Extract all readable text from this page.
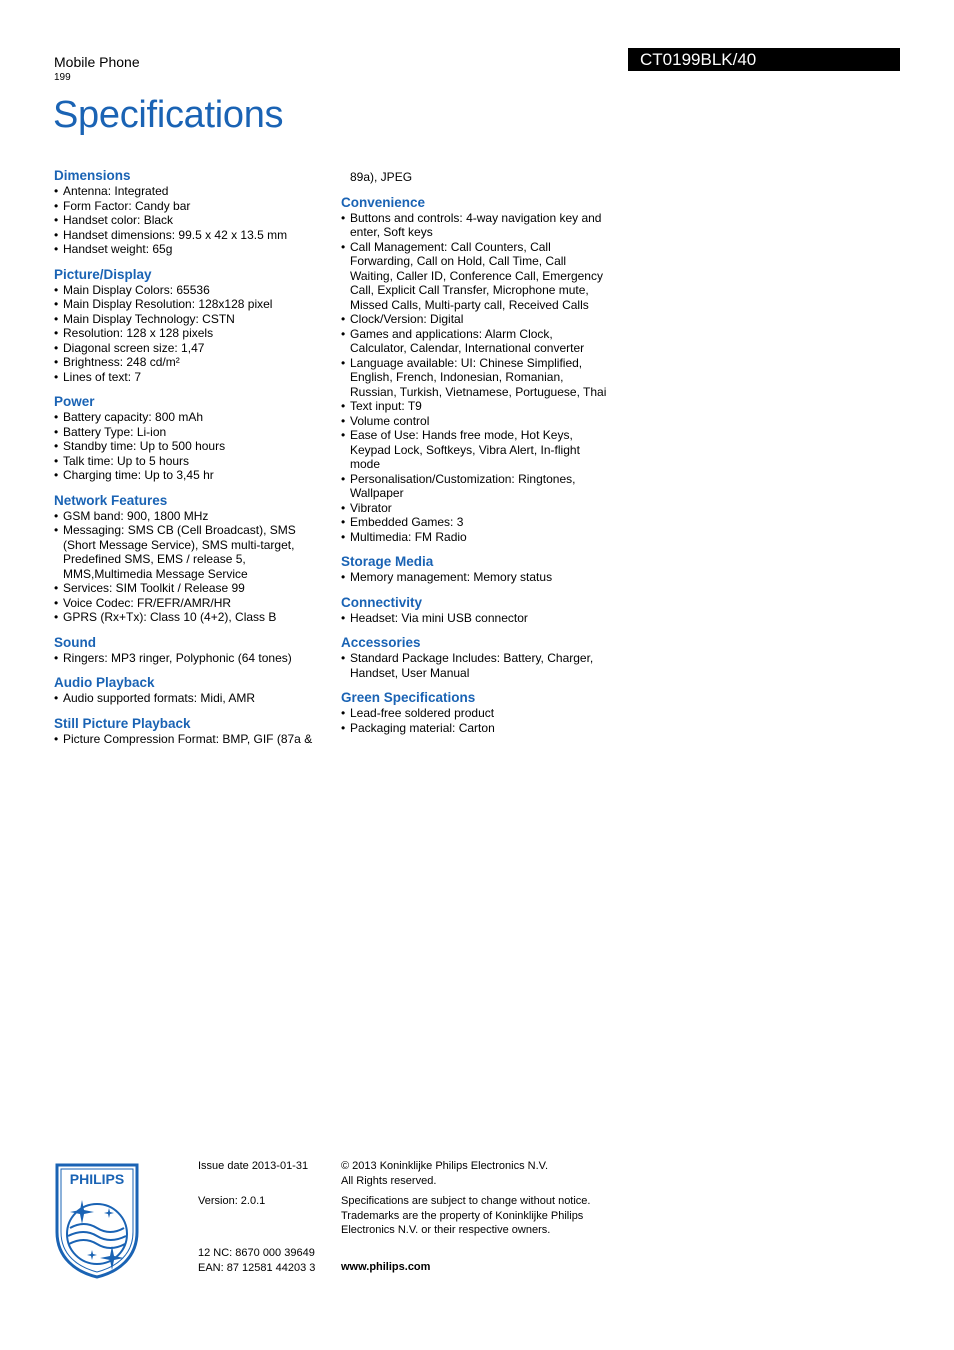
Mobile Phone
199
Specifications
CT0199BLK/40
Dimensions
• Antenna: Integrated
• Form Factor: Candy bar
• Handset color: Black
• Handset dimensions: 99.5 x 42 x 13.5 mm
• Handset weight: 65g
Picture/Display
• Main Display Colors: 65536
• Main Display Resolution: 128x128 pixel
• Main Display Technology: CSTN
• Resolution: 128 x 128 pixels
• Diagonal screen size: 1,47
• Brightness: 248 cd/m²
• Lines of text: 7
Power
• Battery capacity: 800 mAh
• Battery Type: Li-ion
• Standby time: Up to 500 hours
• Talk time: Up to 5 hours
• Charging time: Up to 3,45 hr
Network Features
• GSM band: 900, 1800 MHz
• Messaging: SMS CB (Cell Broadcast), SMS (Short Message Service), SMS multi-target, Predefined SMS, EMS / release 5, MMS,Multimedia Message Service
• Services: SIM Toolkit / Release 99
• Voice Codec: FR/EFR/AMR/HR
• GPRS (Rx+Tx): Class 10 (4+2), Class B
Sound
• Ringers: MP3 ringer, Polyphonic (64 tones)
Audio Playback
• Audio supported formats: Midi, AMR
Still Picture Playback
• Picture Compression Format: BMP, GIF (87a &
89a), JPEG
Convenience
• Buttons and controls: 4-way navigation key and enter, Soft keys
• Call Management: Call Counters, Call Forwarding, Call on Hold, Call Time, Call Waiting, Caller ID, Conference Call, Emergency Call, Explicit Call Transfer, Microphone mute, Missed Calls, Multi-party call, Received Calls
• Clock/Version: Digital
• Games and applications: Alarm Clock, Calculator, Calendar, International converter
• Language available: UI: Chinese Simplified, English, French, Indonesian, Romanian, Russian, Turkish, Vietnamese, Portuguese, Thai
• Text input: T9
• Volume control
• Ease of Use: Hands free mode, Hot Keys, Keypad Lock, Softkeys, Vibra Alert, In-flight mode
• Personalisation/Customization: Ringtones, Wallpaper
• Vibrator
• Embedded Games: 3
• Multimedia: FM Radio
Storage Media
• Memory management: Memory status
Connectivity
• Headset: Via mini USB connector
Accessories
• Standard Package Includes: Battery, Charger, Handset, User Manual
Green Specifications
• Lead-free soldered product
• Packaging material: Carton
PHILIPS
Issue date 2013-01-31
Version: 2.0.1
12 NC: 8670 000 39649
EAN: 87 12581 44203 3
© 2013 Koninklijke Philips Electronics N.V.
All Rights reserved.
Specifications are subject to change without notice.
Trademarks are the property of Koninklijke Philips
Electronics N.V. or their respective owners.
www.philips.com
